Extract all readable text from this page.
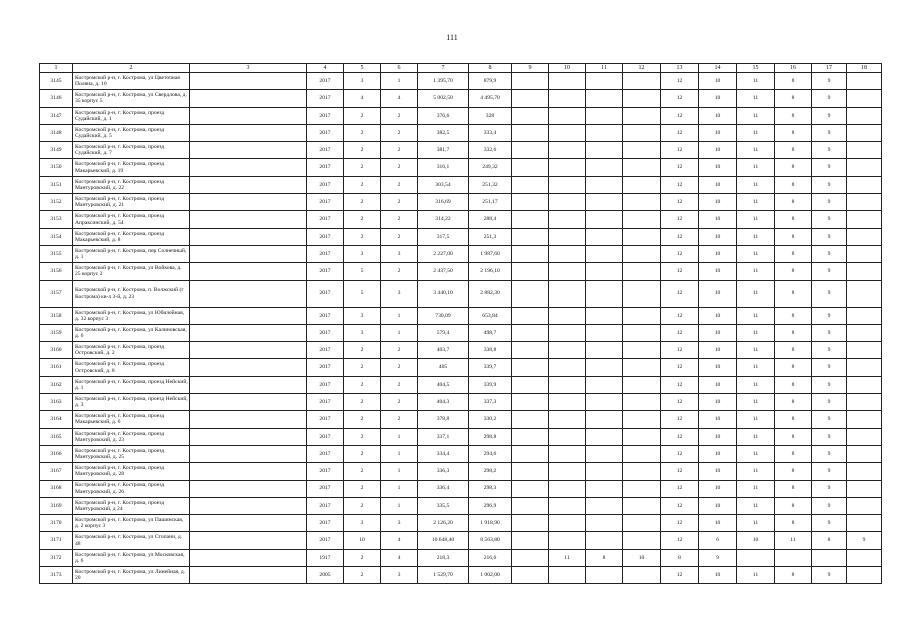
111
1	2	3	4	5	6	7	8	9	10	11	12	13	14	15	16	17	18
3145	Костромской р-н, г. Кострома, ул Цветочная Поляна, д. 10		2017	3	1	1 395,70	879,9					12	10	11	8	9	
3146	Костромской р-н, г. Кострома, ул Свердлова, д. 35 корпус 5		2017	4	4	5 002,50	4 495,70					12	10	11	8	9	
3147	Костромской р-н, г. Кострома, проезд Судайский, д. 1		2017	2	2	376,6	328					12	10	11	8	9	
3148	Костромской р-н, г. Кострома, проезд Судайский, д. 5		2017	2	2	382,5	333,4					12	10	11	8	9	
3149	Костромской р-н, г. Кострома, проезд Судайский, д. 7		2017	2	2	381,7	332,6					12	10	11	8	9	
3150	Костромской р-н, г. Кострома, проезд Макарьевский, д. 19		2017	2	2	316,1	249,32					12	10	11	8	9	
3151	Костромской р-н, г. Кострома, проезд Мантуровский, д. 22		2017	2	2	303,54	251,32					12	10	11	8	9	
3152	Костромской р-н, г. Кострома, проезд Мантуровский, д. 21		2017	2	2	316,69	251,17					12	10	11	8	9	
3153	Костромской р-н, г. Кострома, проезд Апраксинский, д. 54		2017	2	2	314,22	288,4					12	10	11	8	9	
3154	Костромской р-н, г. Кострома, проезд Макарьевский, д. 8		2017	2	2	317,5	251,3					12	10	11	8	9	
3155	Костромской р-н, г. Кострома, пер Солнечный, д. 1		2017	3	3	2 227,00	1 987,60					12	10	11	8	9	
3156	Костромской р-н, г. Кострома, ул Войкова, д. 25 корпус 2		2017	5	2	2 437,50	2 196,10					12	10	11	8	9	
3157	Костромской р-н, г. Кострома, п. Волжский (г Кострома) кв-л 3-й, д. 23		2017	5	3	3 440,10	2 882,30					12	10	11	8	9	
3158	Костромской р-н, г. Кострома, ул Юбилейная, д. 32 корпус 3		2017	3	1	730,09	653,84					12	10	11	8	9	
3159	Костромской р-н, г. Кострома, ул Калиновская, д. 6		2017	3	1	579,4	498,7					12	10	11	8	9	
3160	Костромской р-н, г. Кострома, проезд Островский, д. 2		2017	2	2	403,7	338,8					12	10	11	8	9	
3161	Костромской р-н, г. Кострома, проезд Островский, д. 8		2017	2	2	405	339,7					12	10	11	8	9	
3162	Костромской р-н, г. Кострома, проезд Нейский, д. 1		2017	2	2	404,5	339,9					12	10	11	8	9	
3163	Костромской р-н, г. Кострома, проезд Нейский, д. 3		2017	2	2	404,3	337,3					12	10	11	8	9	
3164	Костромской р-н, г. Кострома, проезд Макарьевский, д. 6		2017	2	2	378,8	330,2					12	10	11	8	9	
3165	Костромской р-н, г. Кострома, проезд Мантуровский, д. 23		2017	2	1	337,1	298,8					12	10	11	8	9	
3166	Костромской р-н, г. Кострома, проезд Мантуровский, д. 25		2017	2	1	334,4	294,6					12	10	11	8	9	
3167	Костромской р-н, г. Кострома, проезд Мантуровский, д. 28		2017	2	1	336,3	298,2					12	10	11	8	9	
3168	Костромской р-н, г. Кострома, проезд Мантуровский, д. 26		2017	2	1	336,4	298,3					12	10	11	8	9	
3169	Костромской р-н, г. Кострома, проезд Мантуровский, д 24		2017	2	1	335,5	296,9					12	10	11	8	9	
3170	Костромской р-н, г. Кострома, ул Пашинская, д. 2 корпус 3		2017	3	3	2 126,20	1 918,90					12	10	11	8	9	
3171	Костромской р-н, г. Кострома, ул Стопани, д. 48		2017	10	4	10 648,40	8 563,80					12	6	10	11	8	9
3172	Костромской р-н, г. Кострома, ул Московская, д. 6		1917	2	4	218,3	216,6		11	8	10	8	9				
3173	Костромской р-н, г. Кострома, ул Линейная, д. 20		2005	2	3	1 529,70	1 002,00					12	10	11	8	9	
